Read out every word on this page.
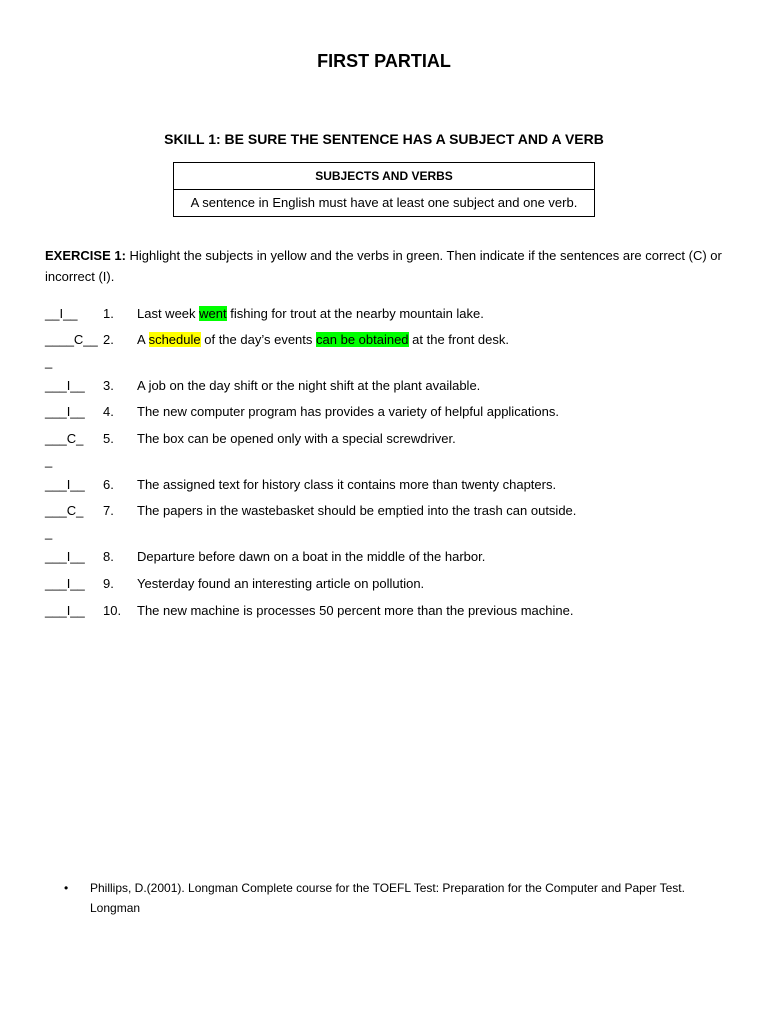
FIRST PARTIAL
SKILL 1: BE SURE THE SENTENCE HAS A SUBJECT AND A VERB
SUBJECTS AND VERBS
A sentence in English must have at least one subject and one verb.
EXERCISE 1: Highlight the subjects in yellow and the verbs in green. Then indicate if the sentences are correct (C) or incorrect (I).
__I__ 1. Last week went fishing for trout at the nearby mountain lake.
____C__ 2. A schedule of the day’s events can be obtained at the front desk.
_
___I__ 3. A job on the day shift or the night shift at the plant available.
___I__ 4. The new computer program has provides a variety of helpful applications.
___C_ 5. The box can be opened only with a special screwdriver.
_
___I__ 6. The assigned text for history class it contains more than twenty chapters.
___C_ 7. The papers in the wastebasket should be emptied into the trash can outside.
_
___I__ 8. Departure before dawn on a boat in the middle of the harbor.
___I__ 9. Yesterday found an interesting article on pollution.
___I__ 10. The new machine is processes 50 percent more than the previous machine.
• Phillips, D.(2001). Longman Complete course for the TOEFL Test: Preparation for the Computer and Paper Test. Longman
